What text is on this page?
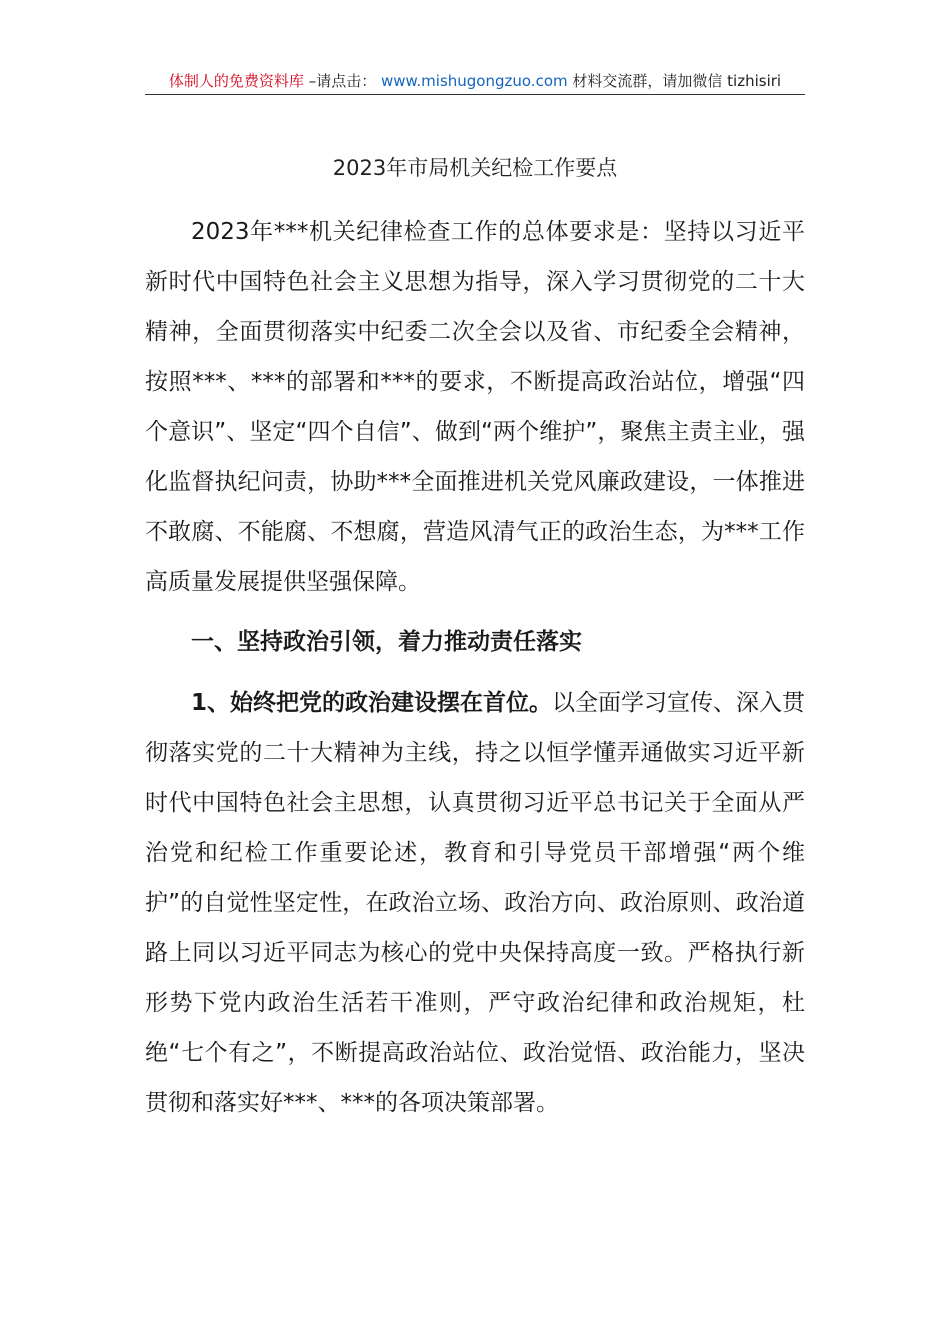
体制人的免费资料库 –请点击： www.mishugongzuo.com 材料交流群，请加微信 tizhisiri
2023年市局机关纪检工作要点
2023年***机关纪律检查工作的总体要求是：坚持以习近平新时代中国特色社会主义思想为指导，深入学习贯彻党的二十大精神，全面贯彻落实中纪委二次全会以及省、市纪委全会精神，按照***、***的部署和***的要求，不断提高政治站位，增强“四个意识”、坚定“四个自信”、做到“两个维护”，聚焦主责主业，强化监督执纪问责，协助***全面推进机关党风廉政建设，一体推进不敢腐、不能腐、不想腐，营造风清气正的政治生态，为***工作高质量发展提供坚强保障。
一、坚持政治引领，着力推动责任落实
1、始终把党的政治建设摆在首位。以全面学习宣传、深入贯彻落实党的二十大精神为主线，持之以恒学懂弄通做实习近平新时代中国特色社会主思想，认真贯彻习近平总书记关于全面从严治党和纪检工作重要论述，教育和引导党员干部增强“两个维护”的自觉性坚定性，在政治立场、政治方向、政治原则、政治道路上同以习近平同志为核心的党中央保持高度一致。严格执行新形势下党内政治生活若干准则，严守政治纪律和政治规矩，杜绝“七个有之”，不断提高政治站位、政治觉悟、政治能力，坚决贯彻和落实好***、***的各项决策部署。
